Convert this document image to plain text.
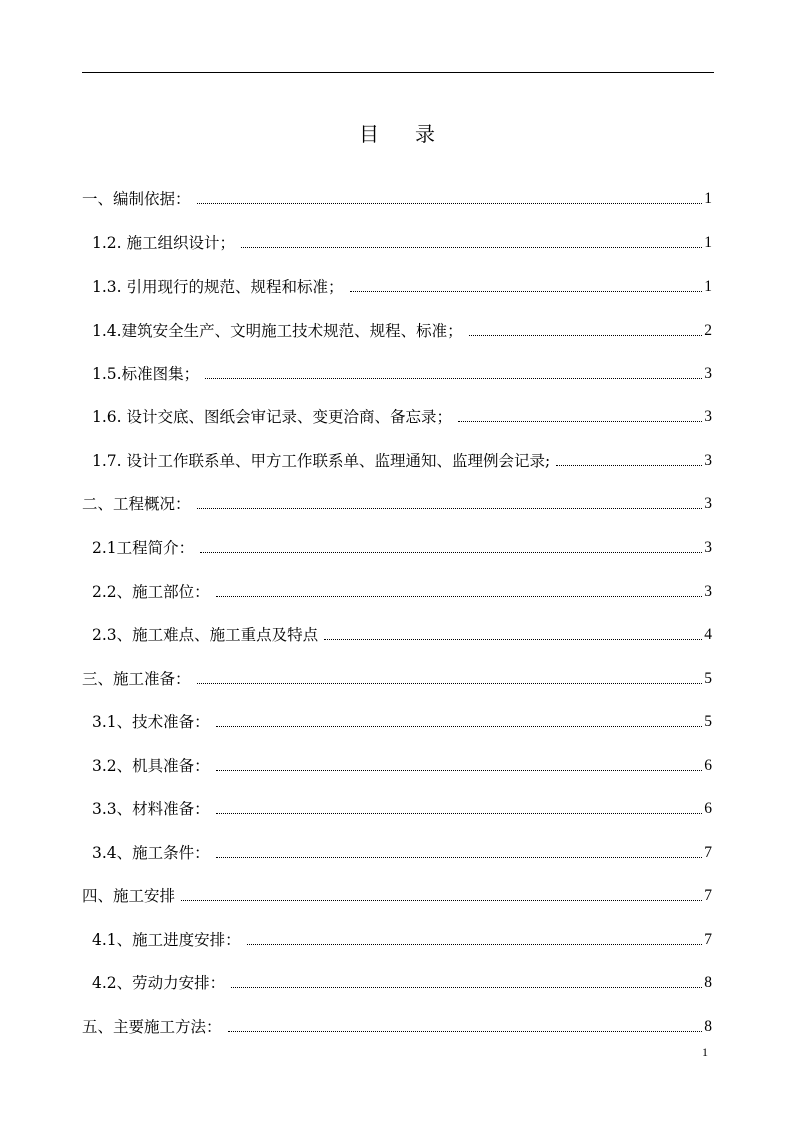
目 录
一、编制依据：	1
1.2. 施工组织设计；	1
1.3. 引用现行的规范、规程和标准；	1
1.4.建筑安全生产、文明施工技术规范、规程、标准；	2
1.5.标准图集；	3
1.6. 设计交底、图纸会审记录、变更洽商、备忘录；	3
1.7. 设计工作联系单、甲方工作联系单、监理通知、监理例会记录;	3
二、工程概况：	3
2.1工程简介：	3
2.2、施工部位：	3
2.3、施工难点、施工重点及特点	4
三、施工准备：	5
3.1、技术准备：	5
3.2、机具准备：	6
3.3、材料准备：	6
3.4、施工条件：	7
四、施工安排	7
4.1、施工进度安排：	7
4.2、劳动力安排：	8
五、主要施工方法：	8
1
